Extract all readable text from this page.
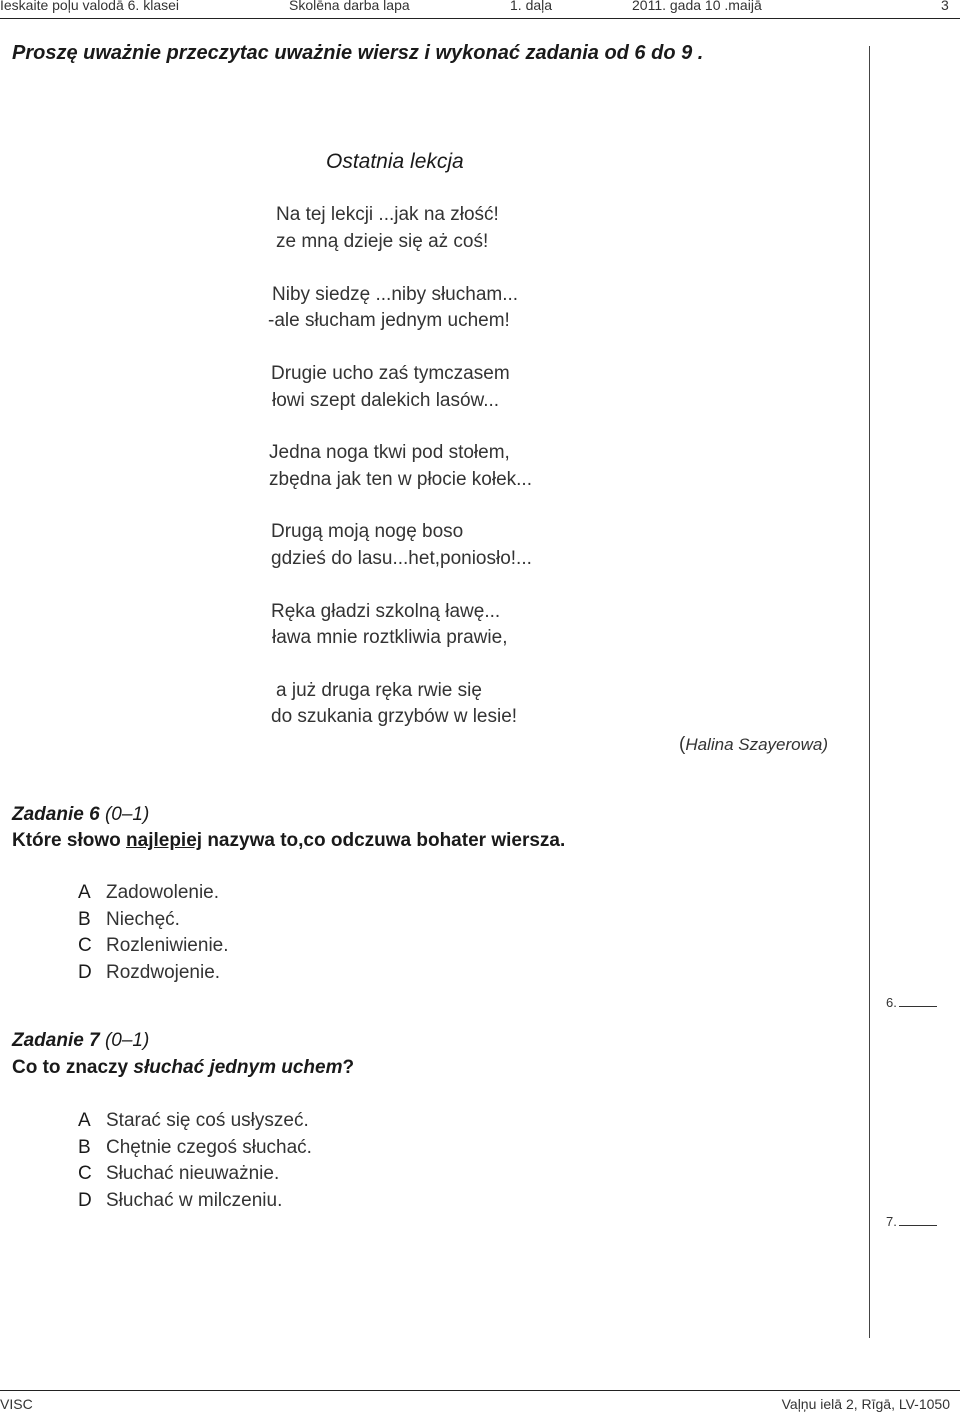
Ieskaite poļu valodā 6. klasei	Skolēna darba lapa	1. daļa	2011. gada 10 .maijā	3
Proszę uważnie przeczytac uważnie wiersz i wykonać zadania od 6 do 9 .
Ostatnia lekcja
Na tej lekcji ...jak na złość!
ze mną dzieje się aż coś!
Niby siedzę ...niby słucham...
-ale słucham jednym uchem!
Drugie ucho zaś tymczasem
łowi szept dalekich lasów...
Jedna noga tkwi pod stołem,
zbędna jak ten w płocie kołek...
Drugą moją nogę boso
gdzieś do lasu...het,poniosło!...
Ręka gładzi szkolną ławę...
ława mnie roztkliwia prawie,
a już druga ręka rwie się
do szukania grzybów w lesie!
(Halina Szayerowa)
Zadanie 6 (0–1)
Które słowo najlepiej nazywa to,co odczuwa bohater wiersza.
A Zadowolenie.
B Niechęć.
C Rozleniwienie.
D Rozdwojenie.
6.
Zadanie 7 (0–1)
Co to znaczy słuchać jednym uchem?
A Starać się coś usłyszeć.
B Chętnie czegoś słuchać.
C Słuchać nieuważnie.
D Słuchać w milczeniu.
7.
VISC	Vaļņu ielā 2, Rīgā, LV-1050
